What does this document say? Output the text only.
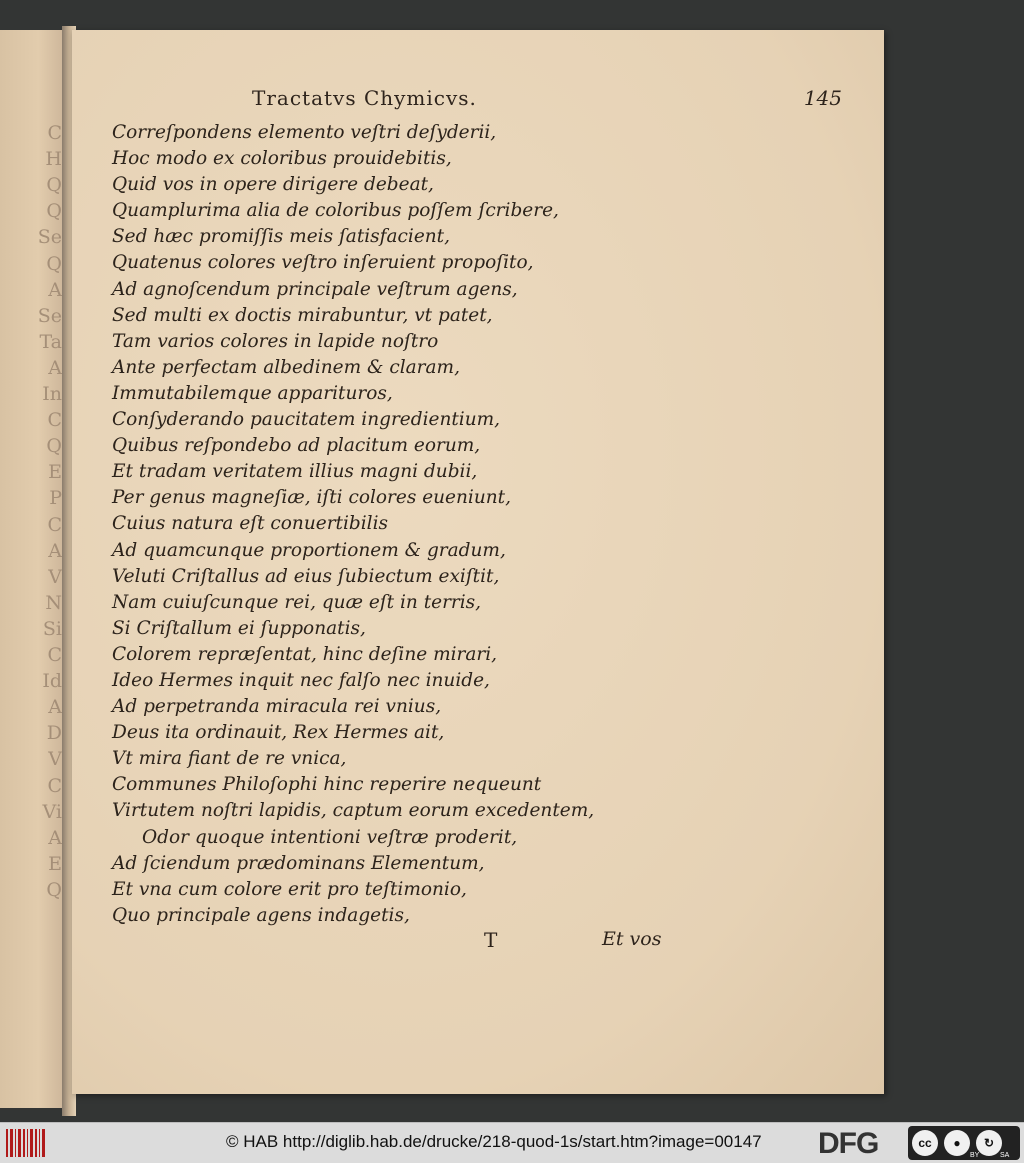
C
H
Q
Q
Se
Q
A
Se
Ta
A
In
C
Q
E
P
C
A
V
N
Si
C
Id
A
D
V
C
Vi
A
E
Q
Tractatvs Chymicvs.	145
Correſpondens elemento veſtri deſyderii,
Hoc modo ex coloribus prouidebitis,
Quid vos in opere dirigere debeat,
Quamplurima alia de coloribus poſſem ſcribere,
Sed hæc promiſſis meis ſatisfacient,
Quatenus colores veſtro inſeruient propoſito,
Ad agnoſcendum principale veſtrum agens,
Sed multi ex doctis mirabuntur, vt patet,
Tam varios colores in lapide noſtro
Ante perfectam albedinem & claram,
Immutabilemque apparituros,
Conſyderando paucitatem ingredientium,
Quibus reſpondebo ad placitum eorum,
Et tradam veritatem illius magni dubii,
Per genus magneſiæ, iſti colores eueniunt,
Cuius natura eſt conuertibilis
Ad quamcunque proportionem & gradum,
Veluti Criſtallus ad eius ſubiectum exiſtit,
Nam cuiuſcunque rei, quæ eſt in terris,
Si Criſtallum ei ſupponatis,
Colorem repræſentat, hinc deſine mirari,
Ideo Hermes inquit nec falſo nec inuide,
Ad perpetranda miracula rei vnius,
Deus ita ordinauit, Rex Hermes ait,
Vt mira fiant de re vnica,
Communes Philoſophi hinc reperire nequeunt
Virtutem noſtri lapidis, captum eorum excedentem,
Odor quoque intentioni veſtræ proderit,
Ad ſciendum prædominans Elementum,
Et vna cum colore erit pro teſtimonio,
Quo principale agens indagetis,
T	Et vos
© HAB http://diglib.hab.de/drucke/218-quod-1s/start.htm?image=00147 DFG	cc	●	↻
BY	SA
